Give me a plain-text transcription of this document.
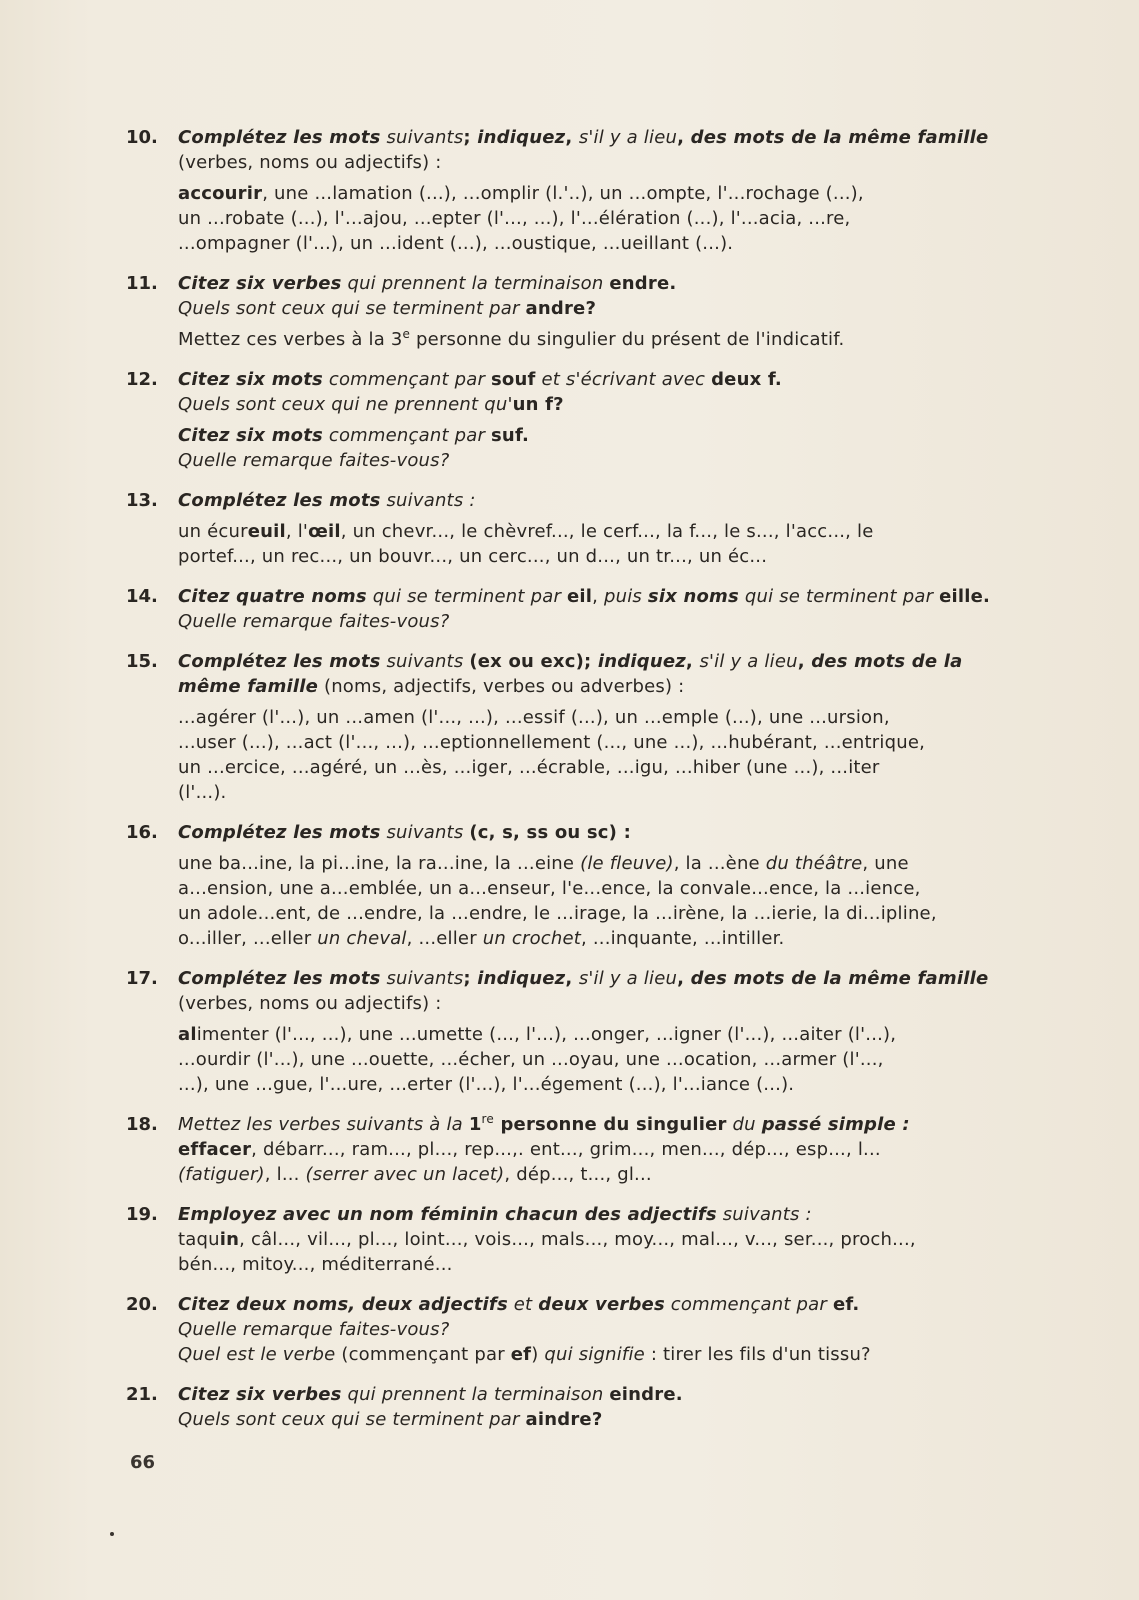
10.	Complétez les mots suivants; indiquez, s'il y a lieu, des mots de la même famille
(verbes, noms ou adjectifs) :
accourir, une ...lamation (...), ...omplir (l.'..), un ...ompte, l'...rochage (...),
un ...robate (...), l'...ajou, ...epter (l'..., ...), l'...élération (...), l'...acia, ...re,
...ompagner (l'...), un ...ident (...), ...oustique, ...ueillant (...).
11.	Citez six verbes qui prennent la terminaison endre.
Quels sont ceux qui se terminent par andre?
Mettez ces verbes à la 3e personne du singulier du présent de l'indicatif.
12.	Citez six mots commençant par souf et s'écrivant avec deux f.
Quels sont ceux qui ne prennent qu'un f?
Citez six mots commençant par suf.
Quelle remarque faites-vous?
13.	Complétez les mots suivants :
un écureuil, l'œil, un chevr..., le chèvref..., le cerf..., la f..., le s..., l'acc..., le
portef..., un rec..., un bouvr..., un cerc..., un d..., un tr..., un éc...
14.	Citez quatre noms qui se terminent par eil, puis six noms qui se terminent par eille.
Quelle remarque faites-vous?
15.	Complétez les mots suivants (ex ou exc); indiquez, s'il y a lieu, des mots de la
même famille (noms, adjectifs, verbes ou adverbes) :
...agérer (l'...), un ...amen (l'..., ...), ...essif (...), un ...emple (...), une ...ursion,
...user (...), ...act (l'..., ...), ...eptionnellement (..., une ...), ...hubérant, ...entrique,
un ...ercice, ...agéré, un ...ès, ...iger, ...écrable, ...igu, ...hiber (une ...), ...iter
(l'...).
16.	Complétez les mots suivants (c, s, ss ou sc) :
une ba...ine, la pi...ine, la ra...ine, la ...eine (le fleuve), la ...ène du théâtre, une
a...ension, une a...emblée, un a...enseur, l'e...ence, la convale...ence, la ...ience,
un adole...ent, de ...endre, la ...endre, le ...irage, la ...irène, la ...ierie, la di...ipline,
o...iller, ...eller un cheval, ...eller un crochet, ...inquante, ...intiller.
17.	Complétez les mots suivants; indiquez, s'il y a lieu, des mots de la même famille
(verbes, noms ou adjectifs) :
alimenter (l'..., ...), une ...umette (..., l'...), ...onger, ...igner (l'...), ...aiter (l'...),
...ourdir (l'...), une ...ouette, ...écher, un ...oyau, une ...ocation, ...armer (l'...,
...), une ...gue, l'...ure, ...erter (l'...), l'...égement (...), l'...iance (...).
18.	Mettez les verbes suivants à la 1re personne du singulier du passé simple :
effacer, débarr..., ram..., pl..., rep...,. ent..., grim..., men..., dép..., esp..., l...
(fatiguer), l... (serrer avec un lacet), dép..., t..., gl...
19.	Employez avec un nom féminin chacun des adjectifs suivants :
taquin, câl..., vil..., pl..., loint..., vois..., mals..., moy..., mal..., v..., ser..., proch...,
bén..., mitoy..., méditerrané...
20.	Citez deux noms, deux adjectifs et deux verbes commençant par ef.
Quelle remarque faites-vous?
Quel est le verbe (commençant par ef) qui signifie : tirer les fils d'un tissu?
21.	Citez six verbes qui prennent la terminaison eindre.
Quels sont ceux qui se terminent par aindre?
66
